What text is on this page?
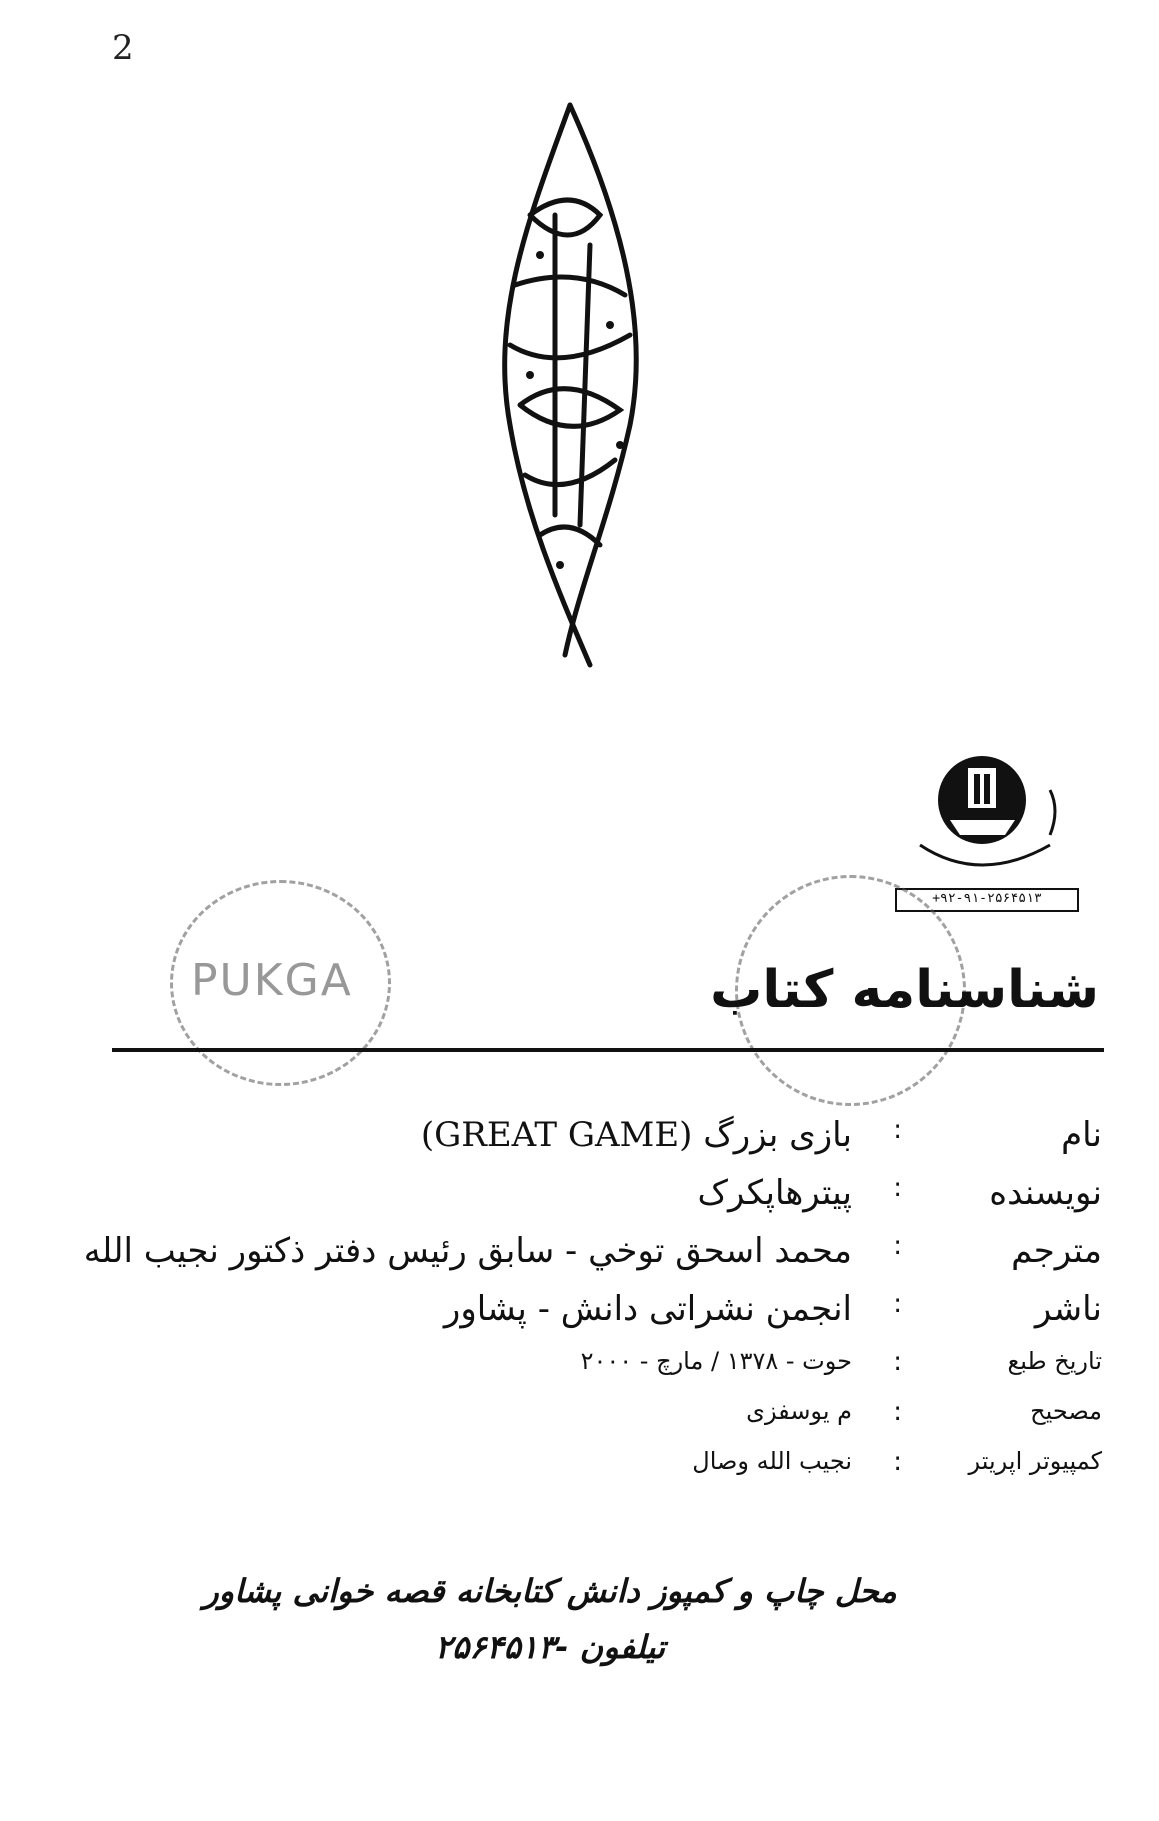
2
+۹۲-۹۱-۲۵۶۴۵۱۳
PUKGA	شناسنامه کتاب
نام
:
بازی بزرگ (GREAT GAME)
نویسنده
:
پیترهاپکرک
مترجم
:
محمد اسحق توخي - سابق رئیس دفتر ذکتور نجیب الله
ناشر
:
انجمن نشراتی دانش - پشاور
تاریخ طبع
:
حوت - ۱۳۷۸ / مارچ - ۲۰۰۰
مصحیح
:
م یوسفزی
کمپیوتر اپریتر
:
نجیب الله وصال
محل چاپ و کمپوز دانش کتابخانه قصه خوانی پشاور
تیلفون -۲۵۶۴۵۱۳
